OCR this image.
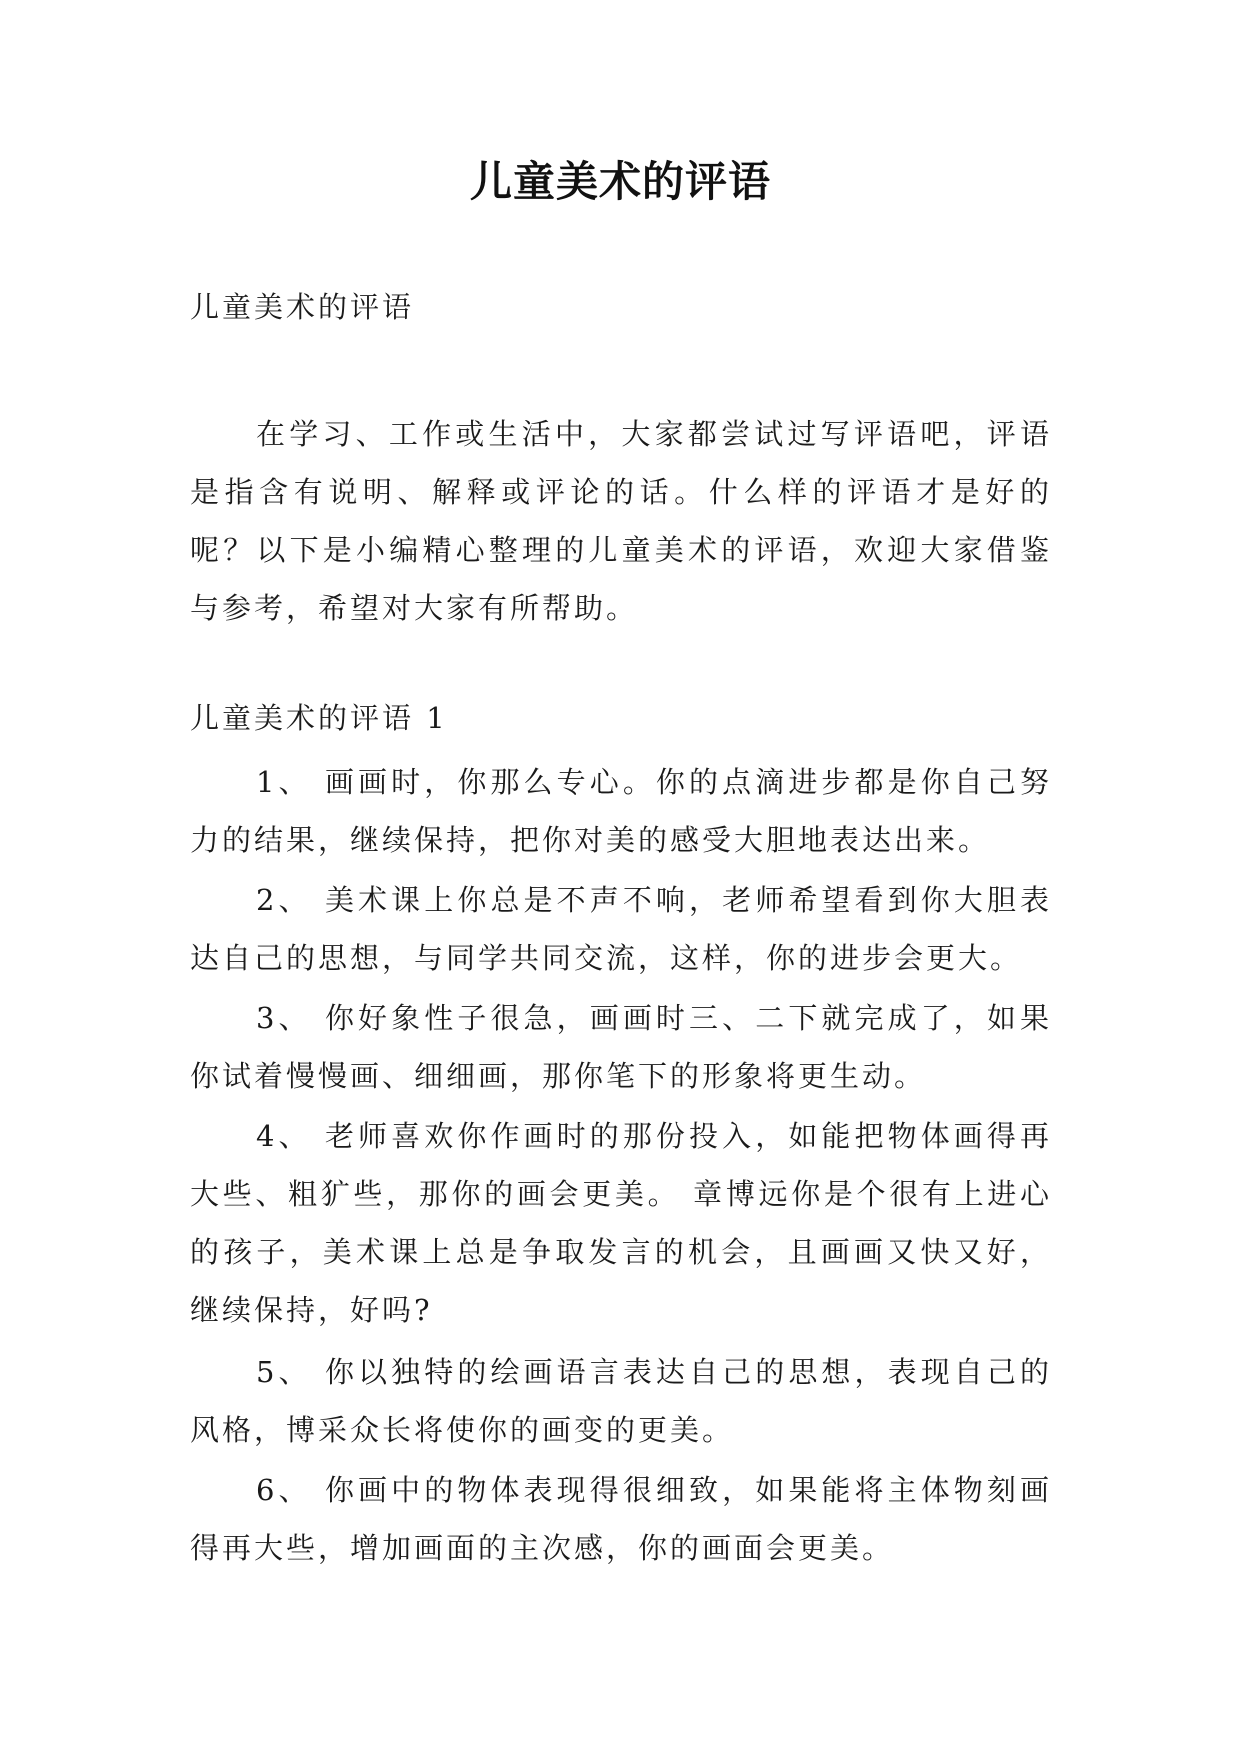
儿童美术的评语

儿童美术的评语

在学习、工作或生活中，大家都尝试过写评语吧，评语是指含有说明、解释或评论的话。什么样的评语才是好的呢？以下是小编精心整理的儿童美术的评语，欢迎大家借鉴与参考，希望对大家有所帮助。

儿童美术的评语 1

1、 画画时，你那么专心。你的点滴进步都是你自己努力的结果，继续保持，把你对美的感受大胆地表达出来。

2、 美术课上你总是不声不响，老师希望看到你大胆表达自己的思想，与同学共同交流，这样，你的进步会更大。

3、 你好象性子很急，画画时三、二下就完成了，如果你试着慢慢画、细细画，那你笔下的形象将更生动。

4、 老师喜欢你作画时的那份投入，如能把物体画得再大些、粗犷些，那你的画会更美。 章博远你是个很有上进心的孩子，美术课上总是争取发言的机会，且画画又快又好，继续保持，好吗?

5、 你以独特的绘画语言表达自己的思想，表现自己的风格，博采众长将使你的画变的更美。

6、 你画中的物体表现得很细致，如果能将主体物刻画得再大些，增加画面的主次感，你的画面会更美。
